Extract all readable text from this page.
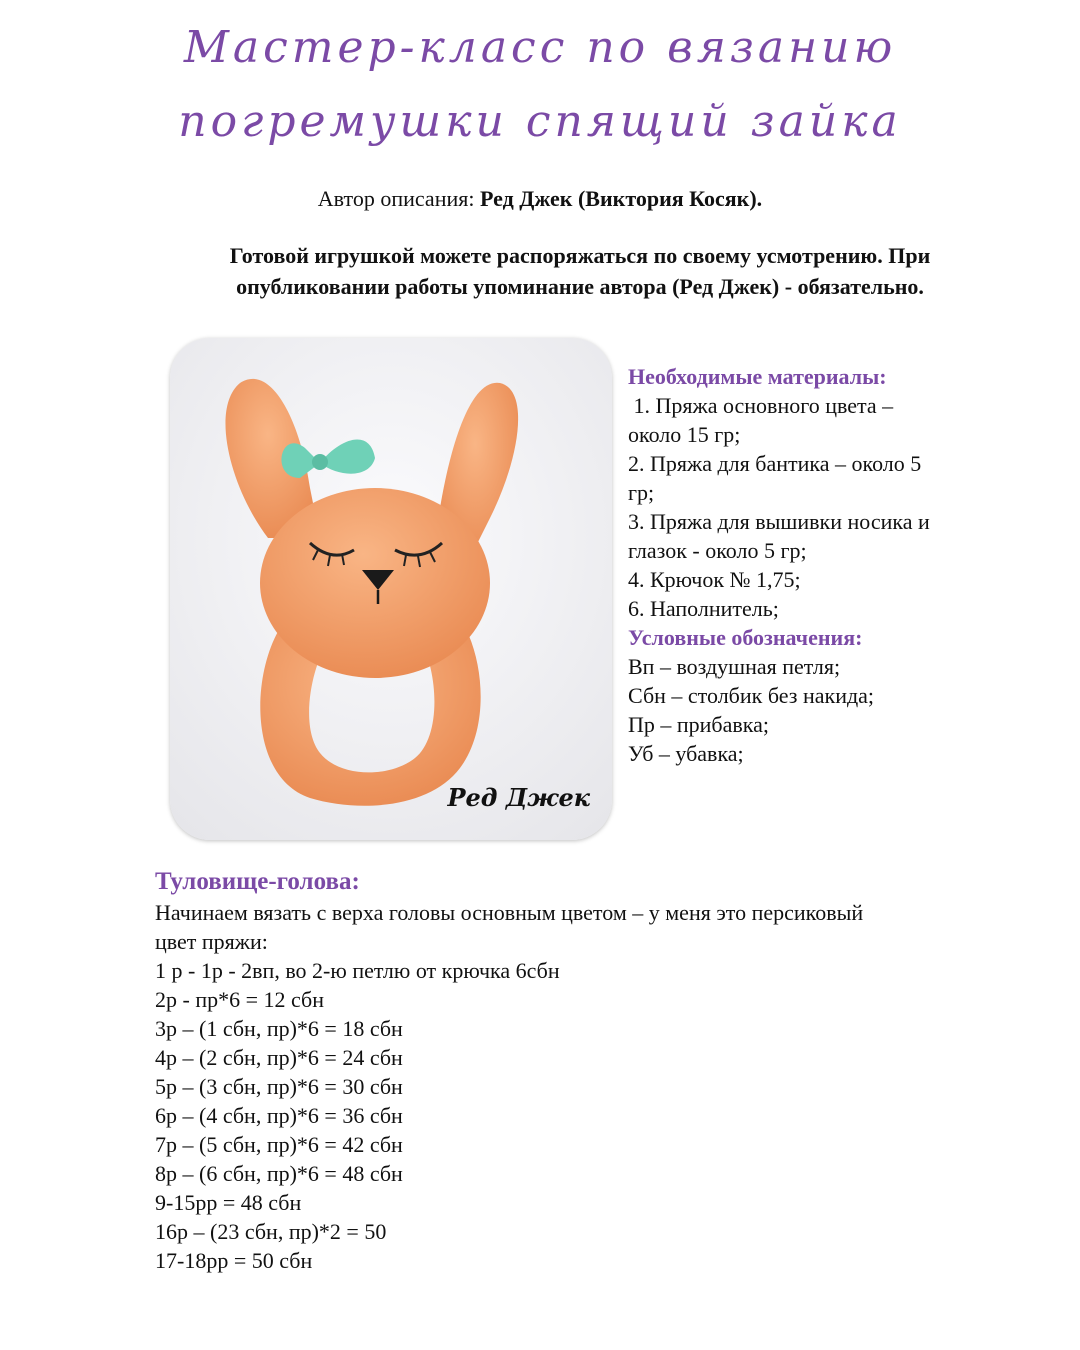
Мастер-класс по вязанию
погремушки спящий зайка
Автор описания: Ред Джек (Виктория Косяк).
Готовой игрушкой можете распоряжаться по своему усмотрению. При
опубликовании работы упоминание автора (Ред Джек) - обязательно.
Ред Джек
Необходимые материалы:
1. Пряжа основного цвета –
около 15 гр;
2. Пряжа для бантика – около 5
гр;
3. Пряжа для вышивки носика и
глазок - около 5 гр;
4. Крючок № 1,75;
6. Наполнитель;
Условные обозначения:
Вп – воздушная петля;
Сбн – столбик без накида;
Пр – прибавка;
Уб – убавка;
Туловище-голова:
Начинаем вязать с верха головы основным цветом – у меня это персиковый
цвет пряжи:
1 р - 1р - 2вп, во 2-ю петлю от крючка 6сбн
2р - пр*6 = 12 сбн
3р – (1 сбн, пр)*6 = 18 сбн
4р – (2 сбн, пр)*6 = 24 сбн
5р – (3 сбн, пр)*6 = 30 сбн
6р – (4 сбн, пр)*6 = 36 сбн
7р – (5 сбн, пр)*6 = 42 сбн
8р – (6 сбн, пр)*6 = 48 сбн
9-15рр = 48 сбн
16р – (23 сбн, пр)*2 = 50
17-18рр = 50 сбн
